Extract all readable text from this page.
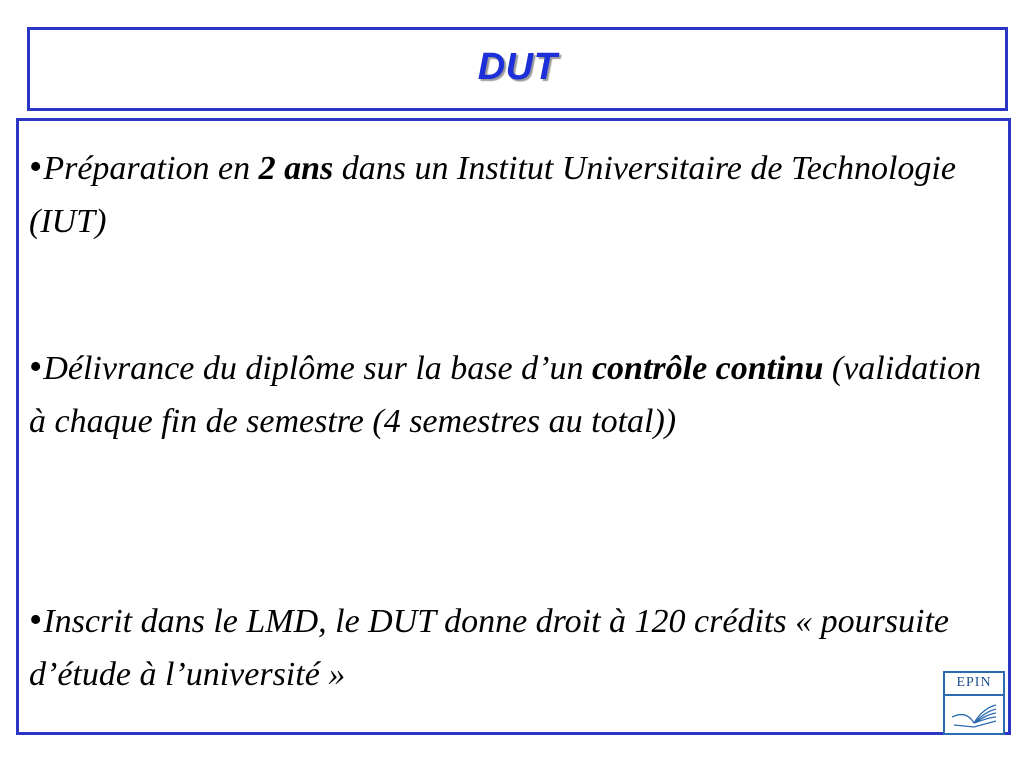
DUT
•Préparation en 2 ans dans un Institut Universitaire de Technologie (IUT)
•Délivrance du diplôme sur la base d’un contrôle continu (validation à chaque fin de semestre (4 semestres au total))
•Inscrit dans le LMD, le DUT donne droit à 120 crédits « poursuite d’étude à l’université »	EPIN
